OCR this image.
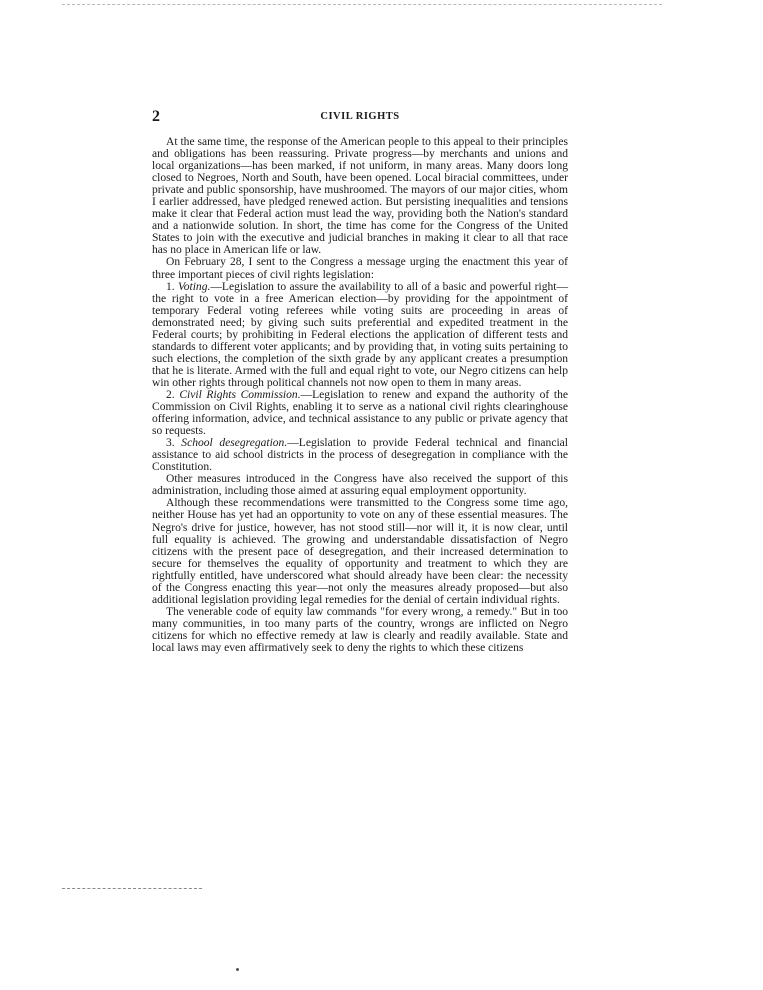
2	CIVIL RIGHTS

At the same time, the response of the American people to this appeal to their principles and obligations has been reassuring. Private progress—by merchants and unions and local organizations—has been marked, if not uniform, in many areas. Many doors long closed to Negroes, North and South, have been opened. Local biracial committees, under private and public sponsorship, have mushroomed. The mayors of our major cities, whom I earlier addressed, have pledged renewed action. But persisting inequalities and tensions make it clear that Federal action must lead the way, providing both the Nation's standard and a nationwide solution. In short, the time has come for the Congress of the United States to join with the executive and judicial branches in making it clear to all that race has no place in American life or law.

On February 28, I sent to the Congress a message urging the enactment this year of three important pieces of civil rights legislation:

1. Voting.—Legislation to assure the availability to all of a basic and powerful right—the right to vote in a free American election—by providing for the appointment of temporary Federal voting referees while voting suits are proceeding in areas of demonstrated need; by giving such suits preferential and expedited treatment in the Federal courts; by prohibiting in Federal elections the application of different tests and standards to different voter applicants; and by providing that, in voting suits pertaining to such elections, the completion of the sixth grade by any applicant creates a presumption that he is literate. Armed with the full and equal right to vote, our Negro citizens can help win other rights through political channels not now open to them in many areas.

2. Civil Rights Commission.—Legislation to renew and expand the authority of the Commission on Civil Rights, enabling it to serve as a national civil rights clearinghouse offering information, advice, and technical assistance to any public or private agency that so requests.

3. School desegregation.—Legislation to provide Federal technical and financial assistance to aid school districts in the process of desegregation in compliance with the Constitution.

Other measures introduced in the Congress have also received the support of this administration, including those aimed at assuring equal employment opportunity.

Although these recommendations were transmitted to the Congress some time ago, neither House has yet had an opportunity to vote on any of these essential measures. The Negro's drive for justice, however, has not stood still—nor will it, it is now clear, until full equality is achieved. The growing and understandable dissatisfaction of Negro citizens with the present pace of desegregation, and their increased determination to secure for themselves the equality of opportunity and treatment to which they are rightfully entitled, have underscored what should already have been clear: the necessity of the Congress enacting this year—not only the measures already proposed—but also additional legislation providing legal remedies for the denial of certain individual rights.

The venerable code of equity law commands "for every wrong, a remedy." But in too many communities, in too many parts of the country, wrongs are inflicted on Negro citizens for which no effective remedy at law is clearly and readily available. State and local laws may even affirmatively seek to deny the rights to which these citizens
